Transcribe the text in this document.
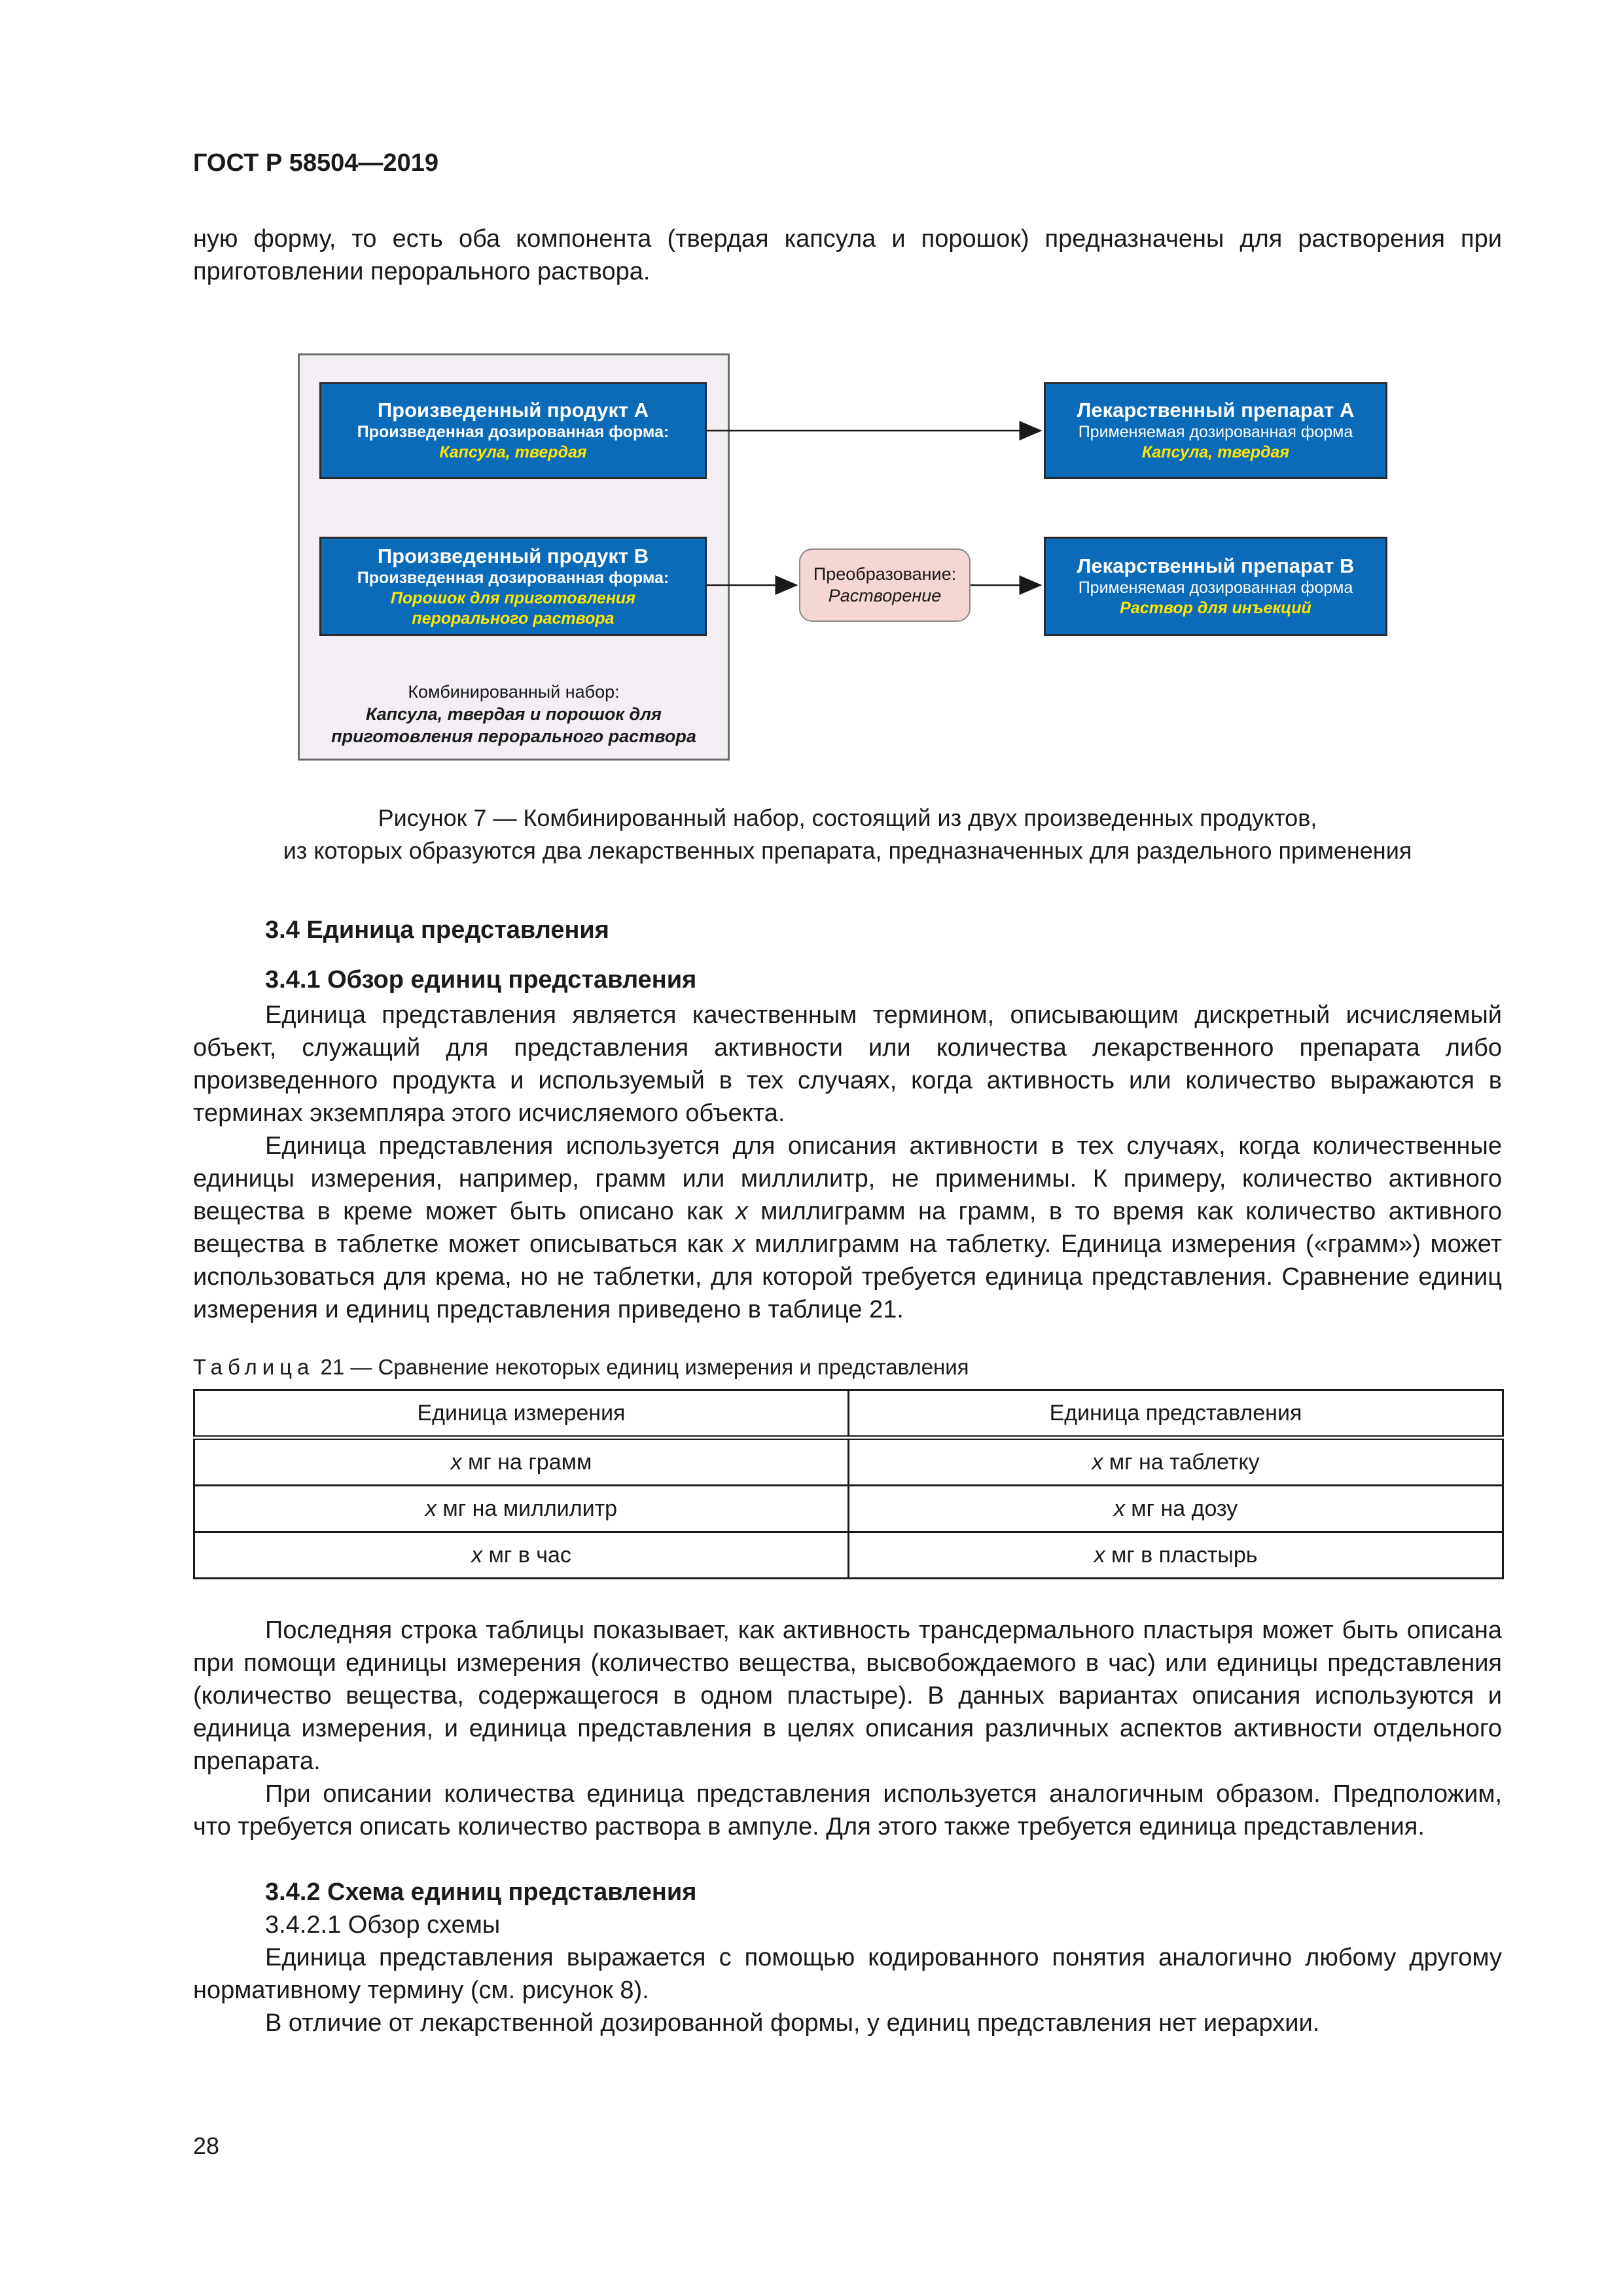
ГОСТ Р 58504—2019

ную форму, то есть оба компонента (твердая капсула и порошок) предназначены для растворения при приготовлении перорального раствора.

Произведенный продукт А
Произведенная дозированная форма:
Капсула, твердая
Произведенный продукт В
Произведенная дозированная форма:
Порошок для приготовления
перорального раствора
Лекарственный препарат А
Применяемая дозированная форма
Капсула, твердая
Лекарственный препарат В
Применяемая дозированная форма
Раствор для инъекций
Преобразование:
Растворение
Комбинированный набор:
Капсула, твердая и порошок для
приготовления перорального раствора
Рисунок 7 — Комбинированный набор, состоящий из двух произведенных продуктов,
из которых образуются два лекарственных препарата, предназначенных для раздельного применения
3.4 Единица представления
3.4.1 Обзор единиц представления

Единица представления является качественным термином, описывающим дискретный исчисляемый объект, служащий для представления активности или количества лекарственного препарата либо произведенного продукта и используемый в тех случаях, когда активность или количество выражаются в терминах экземпляра этого исчисляемого объекта.

Единица представления используется для описания активности в тех случаях, когда количественные единицы измерения, например, грамм или миллилитр, не применимы. К примеру, количество активного вещества в креме может быть описано как x миллиграмм на грамм, в то время как количество активного вещества в таблетке может описываться как x миллиграмм на таблетку. Единица измерения («грамм») может использоваться для крема, но не таблетки, для которой требуется единица представления. Сравнение единиц измерения и единиц представления приведено в таблице 21.

Таблица 21 — Сравнение некоторых единиц измерения и представления
Единица измерения	Единица представления
x мг на грамм	x мг на таблетку
x мг на миллилитр	x мг на дозу
x мг в час	x мг в пластырь

Последняя строка таблицы показывает, как активность трансдермального пластыря может быть описана при помощи единицы измерения (количество вещества, высвобождаемого в час) или единицы представления (количество вещества, содержащегося в одном пластыре). В данных вариантах описания используются и единица измерения, и единица представления в целях описания различных аспектов активности отдельного препарата.

При описании количества единица представления используется аналогичным образом. Предположим, что требуется описать количество раствора в ампуле. Для этого также требуется единица представления.

3.4.2 Схема единиц представления
3.4.2.1 Обзор схемы

Единица представления выражается с помощью кодированного понятия аналогично любому другому нормативному термину (см. рисунок 8).

В отличие от лекарственной дозированной формы, у единиц представления нет иерархии.

28
